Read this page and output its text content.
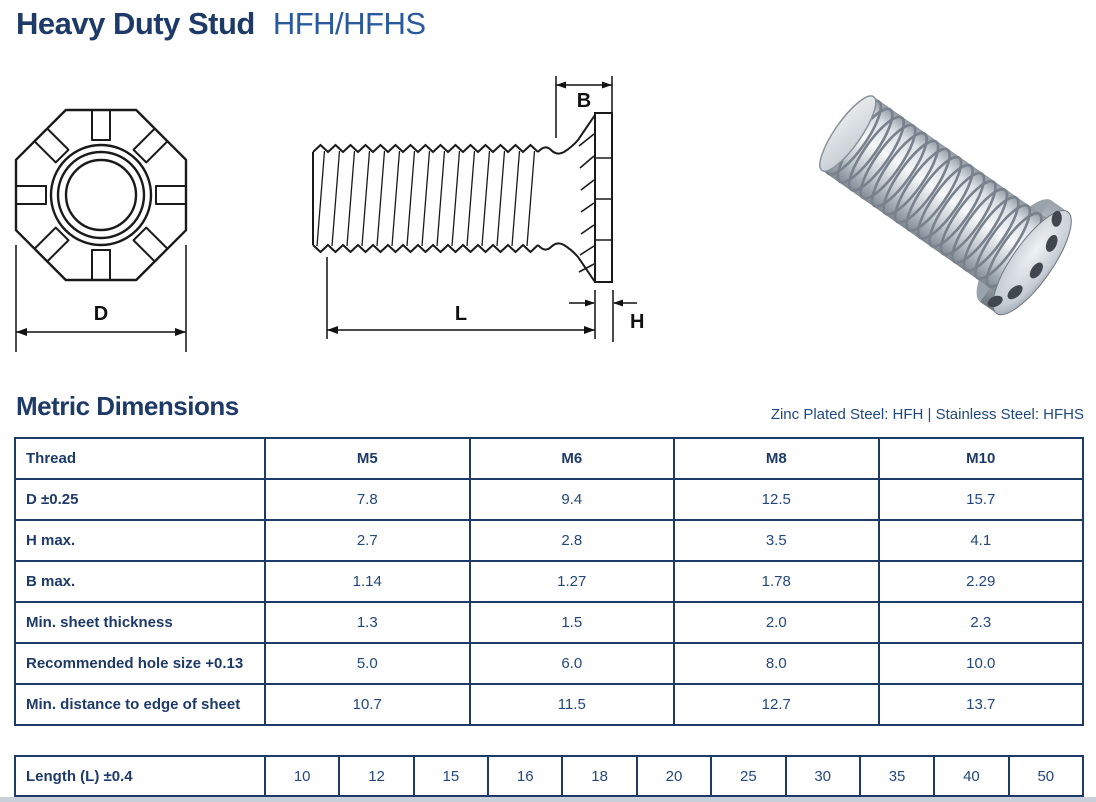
Heavy Duty Stud HFH/HFHS
D
B
L	H
Metric Dimensions	Zinc Plated Steel: HFH | Stainless Steel: HFHS
Thread	M5	M6	M8	M10
D ±0.25	7.8	9.4	12.5	15.7
H max.	2.7	2.8	3.5	4.1
B max.	1.14	1.27	1.78	2.29
Min. sheet thickness	1.3	1.5	2.0	2.3
Recommended hole size +0.13	5.0	6.0	8.0	10.0
Min. distance to edge of sheet	10.7	11.5	12.7	13.7
Length (L) ±0.4	10	12	15	16	18	20	25	30	35	40	50
